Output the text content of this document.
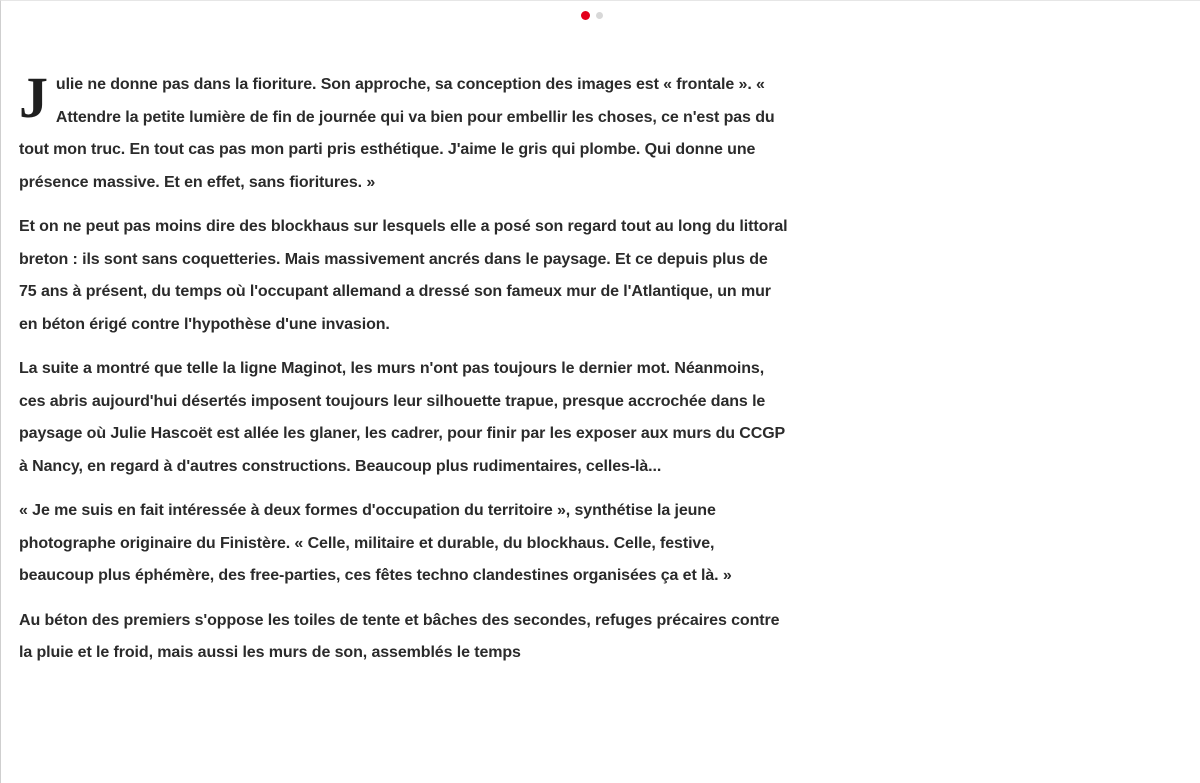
Julie ne donne pas dans la fioriture. Son approche, sa conception des images est « frontale ». « Attendre la petite lumière de fin de journée qui va bien pour embellir les choses, ce n'est pas du tout mon truc. En tout cas pas mon parti pris esthétique. J'aime le gris qui plombe. Qui donne une présence massive. Et en effet, sans fioritures. »

Et on ne peut pas moins dire des blockhaus sur lesquels elle a posé son regard tout au long du littoral breton : ils sont sans coquetteries. Mais massivement ancrés dans le paysage. Et ce depuis plus de 75 ans à présent, du temps où l'occupant allemand a dressé son fameux mur de l'Atlantique, un mur en béton érigé contre l'hypothèse d'une invasion.

La suite a montré que telle la ligne Maginot, les murs n'ont pas toujours le dernier mot. Néanmoins, ces abris aujourd'hui désertés imposent toujours leur silhouette trapue, presque accrochée dans le paysage où Julie Hascoët est allée les glaner, les cadrer, pour finir par les exposer aux murs du CCGP à Nancy, en regard à d'autres constructions. Beaucoup plus rudimentaires, celles-là...

« Je me suis en fait intéressée à deux formes d'occupation du territoire », synthétise la jeune photographe originaire du Finistère. « Celle, militaire et durable, du blockhaus. Celle, festive, beaucoup plus éphémère, des free-parties, ces fêtes techno clandestines organisées ça et là. »

Au béton des premiers s'oppose les toiles de tente et bâches des secondes, refuges précaires contre la pluie et le froid, mais aussi les murs de son, assemblés le temps
